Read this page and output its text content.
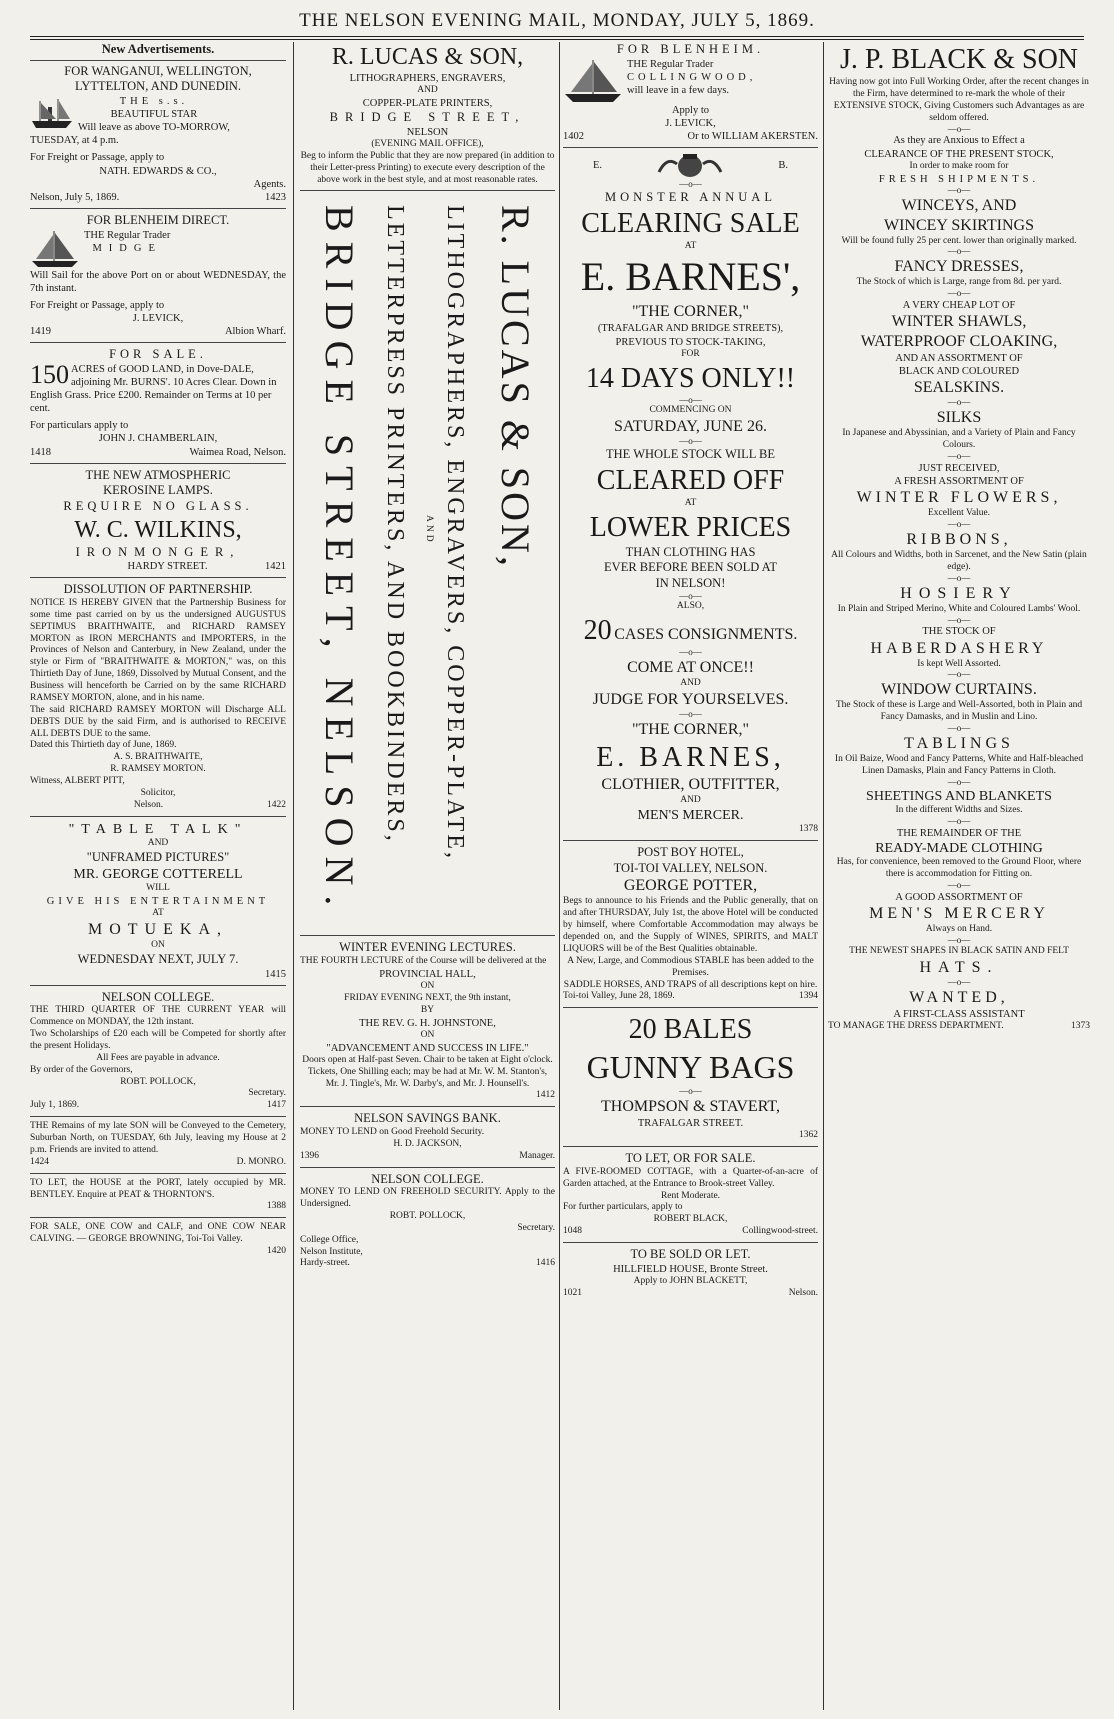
THE NELSON EVENING MAIL, MONDAY, JULY 5, 1869.
New Advertisements.
FOR WANGANUI, WELLINGTON,
LYTTELTON, AND DUNEDIN.
THE s.s.
BEAUTIFUL STAR
Will leave as above TO-MORROW,
TUESDAY, at 4 p.m.
For Freight or Passage, apply to
NATH. EDWARDS & CO.,
Agents.
Nelson, July 5, 1869.	1423
FOR BLENHEIM DIRECT.
THE Regular Trader
MIDGE
Will Sail for the above Port on or about WEDNESDAY, the 7th instant.
For Freight or Passage, apply to
J. LEVICK,
1419	Albion Wharf.
FOR SALE.
150 ACRES of GOOD LAND, in Dove-DALE, adjoining Mr. BURNS'. 10 Acres Clear. Down in English Grass. Price £200. Remainder on Terms at 10 per cent.
For particulars apply to
JOHN J. CHAMBERLAIN,
1418	Waimea Road, Nelson.
THE NEW ATMOSPHERIC
KEROSINE LAMPS.
REQUIRE NO GLASS.
W. C. WILKINS,
IRONMONGER,
HARDY STREET.	1421
DISSOLUTION OF PARTNERSHIP.
NOTICE IS HEREBY GIVEN that the Partnership Business for some time past carried on by us the undersigned AUGUSTUS SEPTIMUS BRAITHWAITE, and RICHARD RAMSEY MORTON as IRON MERCHANTS and IMPORTERS, in the Provinces of Nelson and Canterbury, in New Zealand, under the style or Firm of "BRAITHWAITE & MORTON," was, on this Thirtieth Day of June, 1869, Dissolved by Mutual Consent, and the Business will henceforth be Carried on by the same RICHARD RAMSEY MORTON, alone, and in his name.
The said RICHARD RAMSEY MORTON will Discharge ALL DEBTS DUE by the said Firm, and is authorised to RECEIVE ALL DEBTS DUE to the same.
Dated this Thirtieth day of June, 1869.
A. S. BRAITHWAITE,
R. RAMSEY MORTON.
Witness, ALBERT PITT,
Solicitor,
Nelson.	1422
"TABLE TALK"
AND
"UNFRAMED PICTURES"
MR. GEORGE COTTERELL
WILL
GIVE HIS ENTERTAINMENT
AT
MOTUEKA,
ON
WEDNESDAY NEXT, JULY 7.
1415
NELSON COLLEGE.
THE THIRD QUARTER OF THE CURRENT YEAR will Commence on MONDAY, the 12th instant.
Two Scholarships of £20 each will be Competed for shortly after the present Holidays.
All Fees are payable in advance.
By order of the Governors,
ROBT. POLLOCK,
Secretary.
July 1, 1869.	1417
THE Remains of my late SON will be Conveyed to the Cemetery, Suburban North, on TUESDAY, 6th July, leaving my House at 2 p.m. Friends are invited to attend.
1424	D. MONRO.
TO LET, the HOUSE at the PORT, lately occupied by MR. BENTLEY. Enquire at PEAT & THORNTON'S.
1388
FOR SALE, ONE COW and CALF, and ONE COW NEAR CALVING. — GEORGE BROWNING, Toi-Toi Valley.
1420
R. LUCAS & SON,
LITHOGRAPHERS, ENGRAVERS,
AND
COPPER-PLATE PRINTERS,
BRIDGE STREET,
NELSON
(EVENING MAIL OFFICE),
Beg to inform the Public that they are now prepared (in addition to their Letter-press Printing) to execute every description of the above work in the best style, and at most reasonable rates.
R. LUCAS & SON,
LITHOGRAPHERS, ENGRAVERS, COPPER-PLATE,
AND
LETTERPRESS PRINTERS, AND BOOKBINDERS,
BRIDGE STREET, NELSON.
WINTER EVENING LECTURES.
THE FOURTH LECTURE of the Course will be delivered at the
PROVINCIAL HALL,
ON
FRIDAY EVENING NEXT, the 9th instant,
BY
THE REV. G. H. JOHNSTONE,
ON
"ADVANCEMENT AND SUCCESS IN LIFE."
Doors open at Half-past Seven. Chair to be taken at Eight o'clock.
Tickets, One Shilling each; may be had at Mr. W. M. Stanton's, Mr. J. Tingle's, Mr. W. Darby's, and Mr. J. Hounsell's.
1412
NELSON SAVINGS BANK.
MONEY TO LEND on Good Freehold Security.
H. D. JACKSON,
1396	Manager.
NELSON COLLEGE.
MONEY TO LEND ON FREEHOLD SECURITY. Apply to the Undersigned.
ROBT. POLLOCK,
Secretary.
College Office,
Nelson Institute,
Hardy-street.	1416
FOR BLENHEIM.
THE Regular Trader
COLLINGWOOD,
will leave in a few days.
Apply to
J. LEVICK,
1402	Or to WILLIAM AKERSTEN.
E.	B.
—o—
MONSTER ANNUAL
CLEARING SALE
AT
E. BARNES',
"THE CORNER,"
(TRAFALGAR AND BRIDGE STREETS),
PREVIOUS TO STOCK-TAKING,
FOR
14 DAYS ONLY!!
—o—
COMMENCING ON
SATURDAY, JUNE 26.
—o—
THE WHOLE STOCK WILL BE
CLEARED OFF
AT
LOWER PRICES
THAN CLOTHING HAS
EVER BEFORE BEEN SOLD AT
IN NELSON!
—o—
ALSO,
20 CASES CONSIGNMENTS.
—o—
COME AT ONCE!!
AND
JUDGE FOR YOURSELVES.
—o—
"THE CORNER,"
E. BARNES,
CLOTHIER, OUTFITTER,
AND
MEN'S MERCER.
1378
POST BOY HOTEL,
TOI-TOI VALLEY, NELSON.
GEORGE POTTER,
Begs to announce to his Friends and the Public generally, that on and after THURSDAY, July 1st, the above Hotel will be conducted by himself, where Comfortable Accommodation may always be depended on, and the Supply of WINES, SPIRITS, and MALT LIQUORS will be of the Best Qualities obtainable.
A New, Large, and Commodious STABLE has been added to the Premises.
SADDLE HORSES, AND TRAPS of all descriptions kept on hire.
Toi-toi Valley, June 28, 1869.	1394
20 BALES
GUNNY BAGS
—o—
THOMPSON & STAVERT,
TRAFALGAR STREET.
1362
TO LET, OR FOR SALE.
A FIVE-ROOMED COTTAGE, with a Quarter-of-an-acre of Garden attached, at the Entrance to Brook-street Valley.
Rent Moderate.
For further particulars, apply to
ROBERT BLACK,
1048	Collingwood-street.
TO BE SOLD OR LET.
HILLFIELD HOUSE, Bronte Street.
Apply to JOHN BLACKETT,
1021	Nelson.
J. P. BLACK & SON
Having now got into Full Working Order, after the recent changes in the Firm, have determined to re-mark the whole of their EXTENSIVE STOCK, Giving Customers such Advantages as are seldom offered.
—o—
As they are Anxious to Effect a
CLEARANCE OF THE PRESENT STOCK,
In order to make room for
FRESH SHIPMENTS.
—o—
WINCEYS, AND
WINCEY SKIRTINGS
Will be found fully 25 per cent. lower than originally marked.
—o—
FANCY DRESSES,
The Stock of which is Large, range from 8d. per yard.
—o—
A VERY CHEAP LOT OF
WINTER SHAWLS,
WATERPROOF CLOAKING,
AND AN ASSORTMENT OF
BLACK AND COLOURED
SEALSKINS.
—o—
SILKS
In Japanese and Abyssinian, and a Variety of Plain and Fancy Colours.
—o—
JUST RECEIVED,
A FRESH ASSORTMENT OF
WINTER FLOWERS,
Excellent Value.
—o—
RIBBONS,
All Colours and Widths, both in Sarcenet, and the New Satin (plain edge).
—o—
HOSIERY
In Plain and Striped Merino, White and Coloured Lambs' Wool.
—o—
THE STOCK OF
HABERDASHERY
Is kept Well Assorted.
—o—
WINDOW CURTAINS.
The Stock of these is Large and Well-Assorted, both in Plain and Fancy Damasks, and in Muslin and Lino.
—o—
TABLINGS
In Oil Baize, Wood and Fancy Patterns, White and Half-bleached Linen Damasks, Plain and Fancy Patterns in Cloth.
—o—
SHEETINGS AND BLANKETS
In the different Widths and Sizes.
—o—
THE REMAINDER OF THE
READY-MADE CLOTHING
Has, for convenience, been removed to the Ground Floor, where there is accommodation for Fitting on.
—o—
A GOOD ASSORTMENT OF
MEN'S MERCERY
Always on Hand.
—o—
THE NEWEST SHAPES IN BLACK SATIN AND FELT
HATS.
—o—
WANTED,
A FIRST-CLASS ASSISTANT
TO MANAGE THE DRESS DEPARTMENT.	1373
